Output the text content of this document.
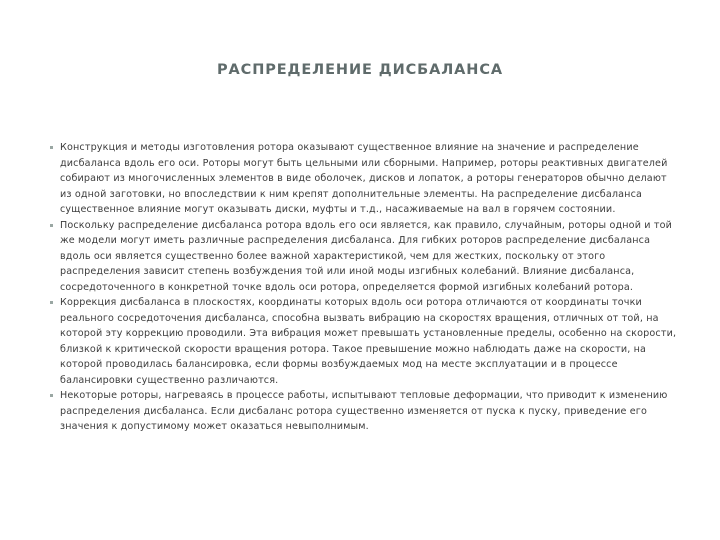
РАСПРЕДЕЛЕНИЕ ДИСБАЛАНСА
Конструкция и методы изготовления ротора оказывают существенное влияние на значение и распределение дисбаланса вдоль его оси. Роторы могут быть цельными или сборными. Например, роторы реактивных двигателей собирают из многочисленных элементов в виде оболочек, дисков и лопаток, а роторы генераторов обычно делают из одной заготовки, но впоследствии к ним крепят дополнительные элементы. На распределение дисбаланса существенное влияние могут оказывать диски, муфты и т.д., насаживаемые на вал в горячем состоянии.
Поскольку распределение дисбаланса ротора вдоль его оси является, как правило, случайным, роторы одной и той же модели могут иметь различные распределения дисбаланса. Для гибких роторов распределение дисбаланса вдоль оси является существенно более важной характеристикой, чем для жестких, поскольку от этого распределения зависит степень возбуждения той или иной моды изгибных колебаний. Влияние дисбаланса, сосредоточенного в конкретной точке вдоль оси ротора, определяется формой изгибных колебаний ротора.
Коррекция дисбаланса в плоскостях, координаты которых вдоль оси ротора отличаются от координаты точки реального сосредоточения дисбаланса, способна вызвать вибрацию на скоростях вращения, отличных от той, на которой эту коррекцию проводили. Эта вибрация может превышать установленные пределы, особенно на скорости, близкой к критической скорости вращения ротора. Такое превышение можно наблюдать даже на скорости, на которой проводилась балансировка, если формы возбуждаемых мод на месте эксплуатации и в процессе балансировки существенно различаются.
Некоторые роторы, нагреваясь в процессе работы, испытывают тепловые деформации, что приводит к изменению распределения дисбаланса. Если дисбаланс ротора существенно изменяется от пуска к пуску, приведение его значения к допустимому может оказаться невыполнимым.
